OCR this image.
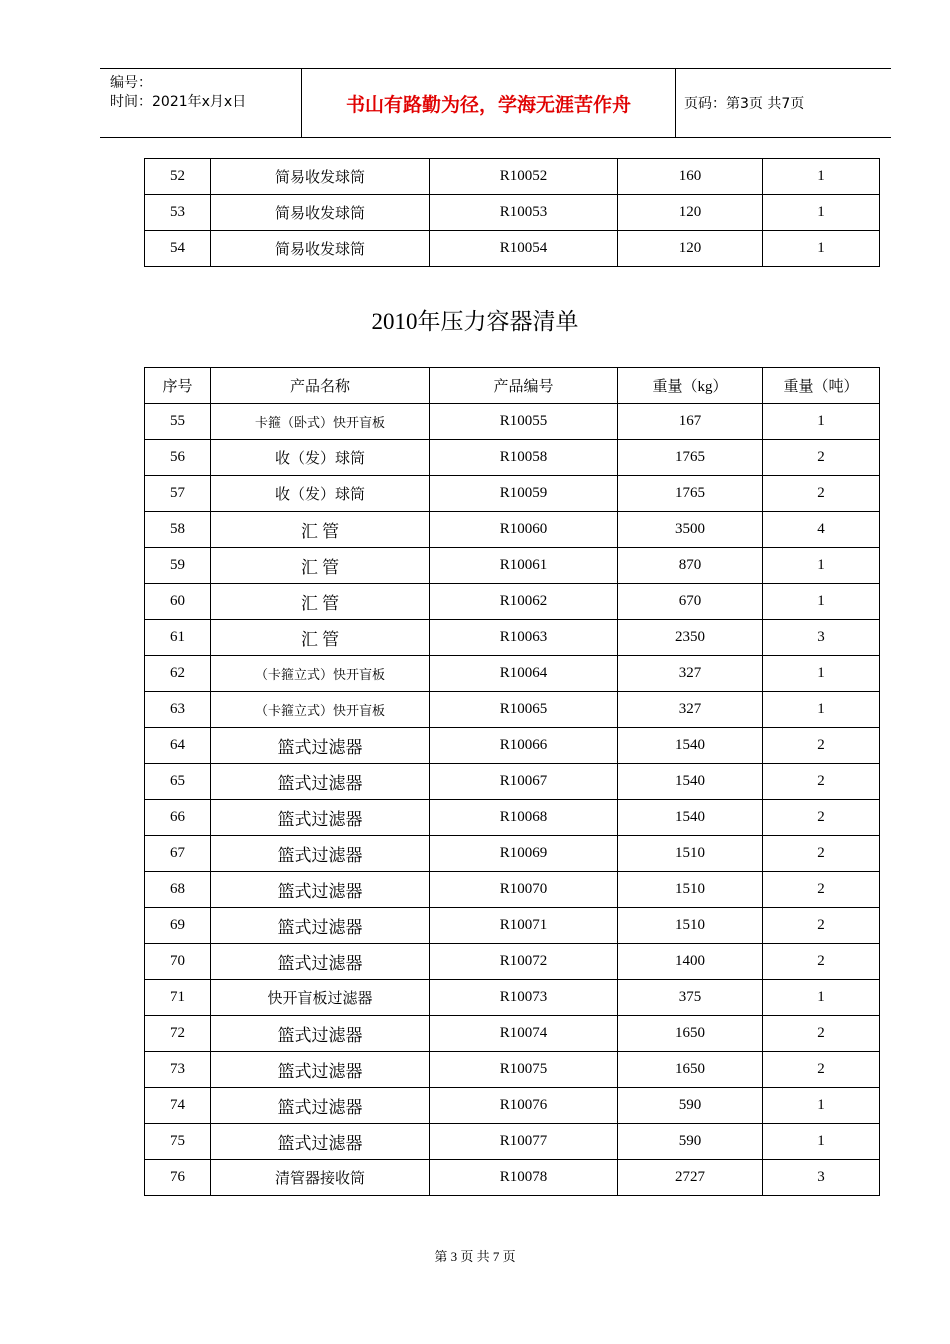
编号：
时间：2021年x月x日	书山有路勤为径，学海无涯苦作舟	页码：第3页 共7页
52	简易收发球筒	R10052	160	1
53	简易收发球筒	R10053	120	1
54	简易收发球筒	R10054	120	1
2010年压力容器清单
序号	产品名称	产品编号	重量（kg）	重量（吨）
55	卡箍（卧式）快开盲板	R10055	167	1
56	收（发）球筒	R10058	1765	2
57	收（发）球筒	R10059	1765	2
58	汇 管	R10060	3500	4
59	汇 管	R10061	870	1
60	汇 管	R10062	670	1
61	汇 管	R10063	2350	3
62	（卡箍立式）快开盲板	R10064	327	1
63	（卡箍立式）快开盲板	R10065	327	1
64	篮式过滤器	R10066	1540	2
65	篮式过滤器	R10067	1540	2
66	篮式过滤器	R10068	1540	2
67	篮式过滤器	R10069	1510	2
68	篮式过滤器	R10070	1510	2
69	篮式过滤器	R10071	1510	2
70	篮式过滤器	R10072	1400	2
71	快开盲板过滤器	R10073	375	1
72	篮式过滤器	R10074	1650	2
73	篮式过滤器	R10075	1650	2
74	篮式过滤器	R10076	590	1
75	篮式过滤器	R10077	590	1
76	清管器接收筒	R10078	2727	3
第 3 页 共 7 页
